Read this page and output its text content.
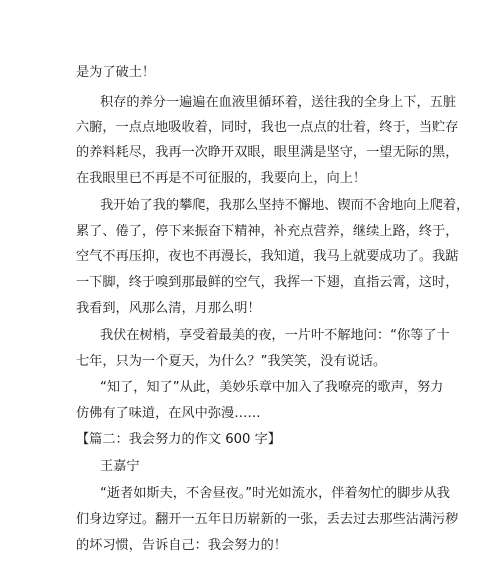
是为了破土！
积存的养分一遍遍在血液里循环着，送往我的全身上下，五脏
六腑，一点点地吸收着，同时，我也一点点的壮着，终于，当贮存
的养料耗尽，我再一次睁开双眼，眼里满是坚守，一望无际的黑，
在我眼里已不再是不可征服的，我要向上，向上！
我开始了我的攀爬，我那么坚持不懈地、锲而不舍地向上爬着，
累了、倦了，停下来振奋下精神，补充点营养，继续上路，终于，
空气不再压抑，夜也不再漫长，我知道，我马上就要成功了。我踮
一下脚，终于嗅到那最鲜的空气，我挥一下翅，直指云霄，这时，
我看到，风那么清，月那么明！
我伏在树梢，享受着最美的夜，一片叶不解地问：“你等了十
七年，只为一个夏天，为什么？”我笑笑，没有说话。
“知了，知了”从此，美妙乐章中加入了我嘹亮的歌声，努力
仿佛有了味道，在风中弥漫……
【篇二：我会努力的作文 600 字】
王嘉宁
“逝者如斯夫，不舍昼夜。”时光如流水，伴着匆忙的脚步从我
们身边穿过。翻开一五年日历崭新的一张，丢去过去那些沾满污秽
的坏习惯，告诉自己：我会努力的！
